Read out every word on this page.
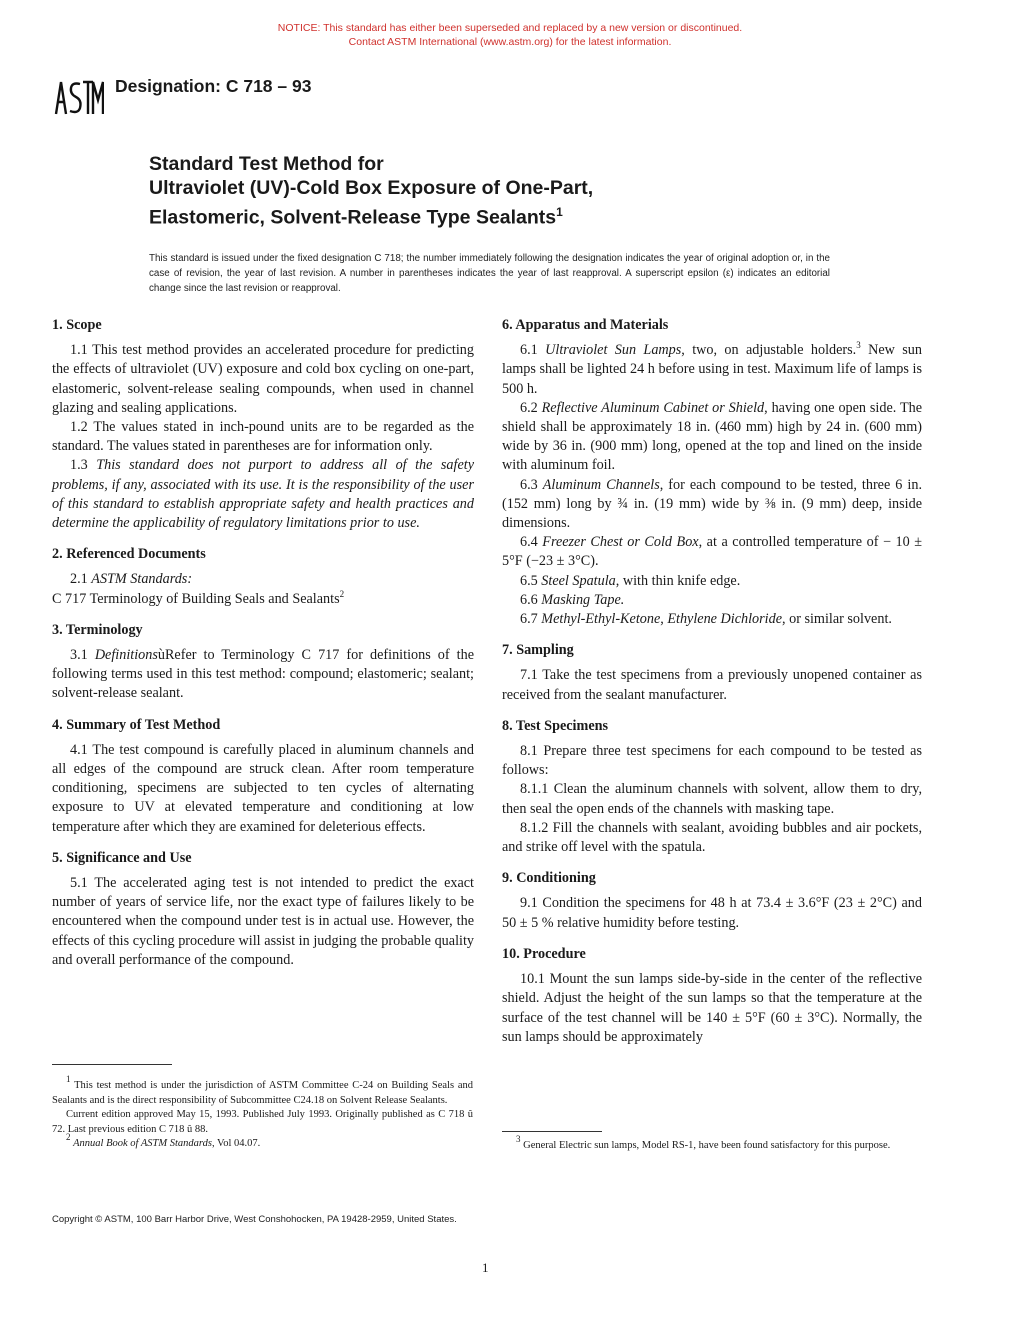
NOTICE: This standard has either been superseded and replaced by a new version or discontinued.
Contact ASTM International (www.astm.org) for the latest information.
Designation: C 718 – 93
Standard Test Method for
Ultraviolet (UV)-Cold Box Exposure of One-Part,
Elastomeric, Solvent-Release Type Sealants$^1$
This standard is issued under the fixed designation C 718; the number immediately following the designation indicates the year of original adoption or, in the case of revision, the year of last revision. A number in parentheses indicates the year of last reapproval. A superscript epsilon (ε) indicates an editorial change since the last revision or reapproval.
1. Scope

1.1 This test method provides an accelerated procedure for predicting the effects of ultraviolet (UV) exposure and cold box cycling on one-part, elastomeric, solvent-release sealing compounds, when used in channel glazing and sealing applications.

1.2 The values stated in inch-pound units are to be regarded as the standard. The values stated in parentheses are for information only.

1.3 This standard does not purport to address all of the safety problems, if any, associated with its use. It is the responsibility of the user of this standard to establish appropriate safety and health practices and determine the applicability of regulatory limitations prior to use.

2. Referenced Documents

2.1 ASTM Standards:

C 717 Terminology of Building Seals and Sealants$^2$

3. Terminology

3.1 DefinitionsùRefer to Terminology C 717 for definitions of the following terms used in this test method: compound; elastomeric; sealant; solvent-release sealant.

4. Summary of Test Method

4.1 The test compound is carefully placed in aluminum channels and all edges of the compound are struck clean. After room temperature conditioning, specimens are subjected to ten cycles of alternating exposure to UV at elevated temperature and conditioning at low temperature after which they are examined for deleterious effects.

5. Significance and Use

5.1 The accelerated aging test is not intended to predict the exact number of years of service life, nor the exact type of failures likely to be encountered when the compound under test is in actual use. However, the effects of this cycling procedure will assist in judging the probable quality and overall performance of the compound.

6. Apparatus and Materials

6.1 Ultraviolet Sun Lamps, two, on adjustable holders.$^3$ New sun lamps shall be lighted 24 h before using in test. Maximum life of lamps is 500 h.

6.2 Reflective Aluminum Cabinet or Shield, having one open side. The shield shall be approximately 18 in. (460 mm) high by 24 in. (600 mm) wide by 36 in. (900 mm) long, opened at the top and lined on the inside with aluminum foil.

6.3 Aluminum Channels, for each compound to be tested, three 6 in. (152 mm) long by ¾ in. (19 mm) wide by ⅜ in. (9 mm) deep, inside dimensions.

6.4 Freezer Chest or Cold Box, at a controlled temperature of − 10 ± 5°F (−23 ± 3°C).

6.5 Steel Spatula, with thin knife edge.

6.6 Masking Tape.

6.7 Methyl-Ethyl-Ketone, Ethylene Dichloride, or similar solvent.

7. Sampling

7.1 Take the test specimens from a previously unopened container as received from the sealant manufacturer.

8. Test Specimens

8.1 Prepare three test specimens for each compound to be tested as follows:

8.1.1 Clean the aluminum channels with solvent, allow them to dry, then seal the open ends of the channels with masking tape.

8.1.2 Fill the channels with sealant, avoiding bubbles and air pockets, and strike off level with the spatula.

9. Conditioning

9.1 Condition the specimens for 48 h at 73.4 ± 3.6°F (23 ± 2°C) and 50 ± 5 % relative humidity before testing.

10. Procedure

10.1 Mount the sun lamps side-by-side in the center of the reflective shield. Adjust the height of the sun lamps so that the temperature at the surface of the test channel will be 140 ± 5°F (60 ± 3°C). Normally, the sun lamps should be approximately

$^1$ This test method is under the jurisdiction of ASTM Committee C-24 on Building Seals and Sealants and is the direct responsibility of Subcommittee C24.18 on Solvent Release Sealants.

Current edition approved May 15, 1993. Published July 1993. Originally published as C 718 û 72. Last previous edition C 718 û 88.

$^2$ Annual Book of ASTM Standards, Vol 04.07.	$^3$ General Electric sun lamps, Model RS-1, have been found satisfactory for this purpose.

Copyright © ASTM, 100 Barr Harbor Drive, West Conshohocken, PA 19428-2959, United States.
1
